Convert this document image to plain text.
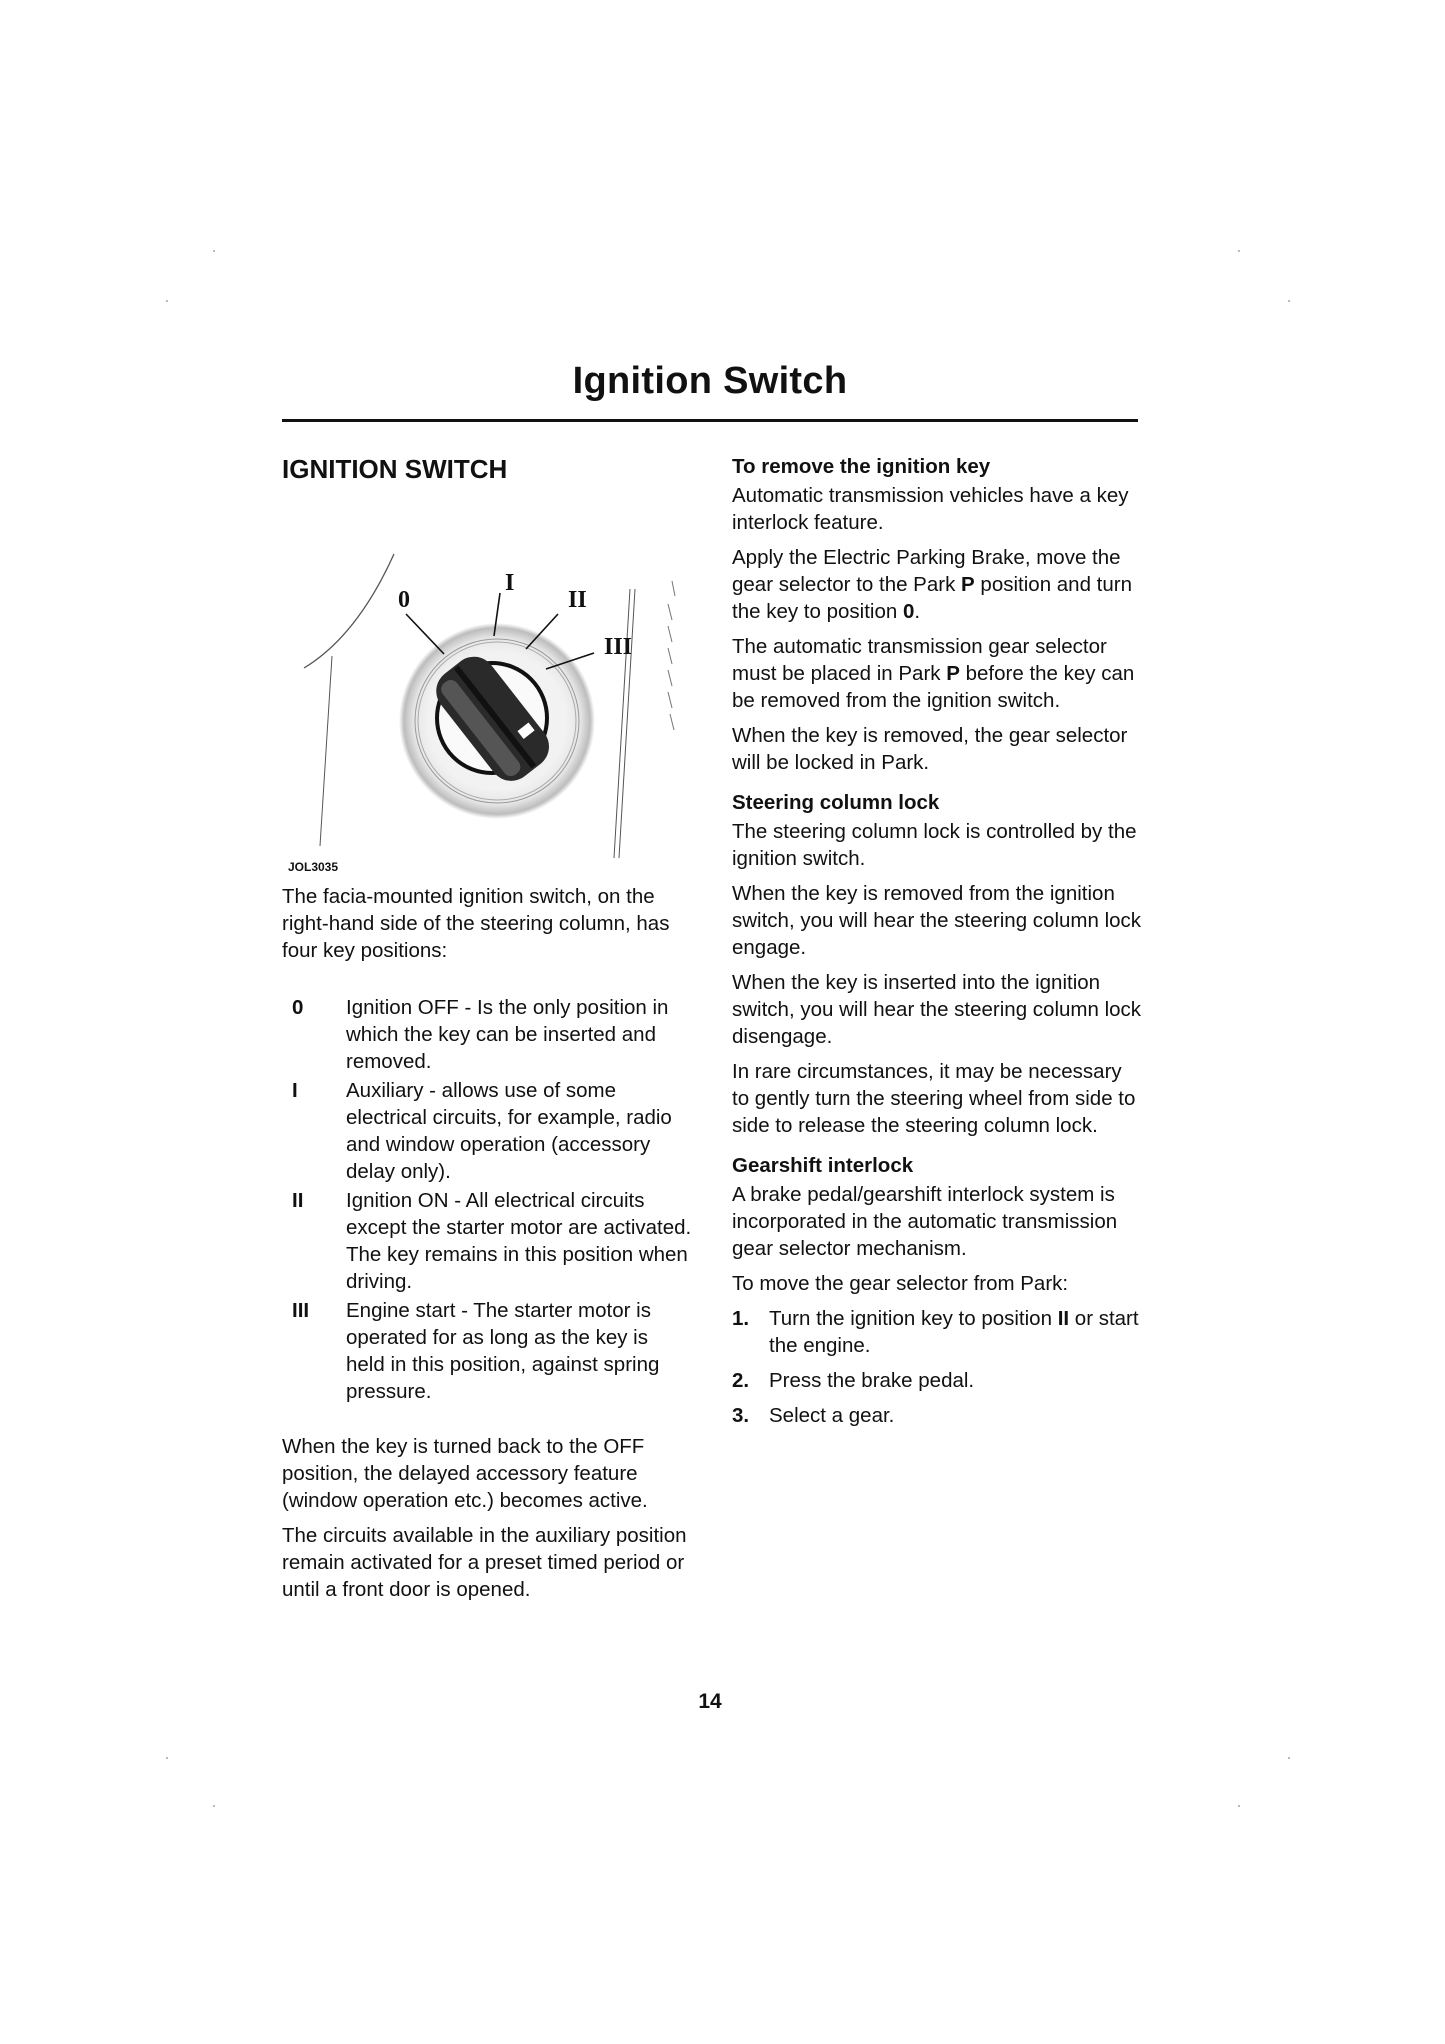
Ignition Switch
IGNITION SWITCH
0
I
II
III
JOL3035

The facia-mounted ignition switch, on the right-hand side of the steering column, has four key positions:

0	Ignition OFF - Is the only position in which the key can be inserted and removed.
I	Auxiliary - allows use of some electrical circuits, for example, radio and window operation (accessory delay only).
II	Ignition ON - All electrical circuits except the starter motor are activated. The key remains in this position when driving.
III	Engine start - The starter motor is operated for as long as the key is held in this position, against spring pressure.

When the key is turned back to the OFF position, the delayed accessory feature (window operation etc.) becomes active.

The circuits available in the auxiliary position remain activated for a preset timed period or until a front door is opened.

To remove the ignition key

Automatic transmission vehicles have a key interlock feature.

Apply the Electric Parking Brake, move the gear selector to the Park P position and turn the key to position 0.

The automatic transmission gear selector must be placed in Park P before the key can be removed from the ignition switch.

When the key is removed, the gear selector will be locked in Park.

Steering column lock

The steering column lock is controlled by the ignition switch.

When the key is removed from the ignition switch, you will hear the steering column lock engage.

When the key is inserted into the ignition switch, you will hear the steering column lock disengage.

In rare circumstances, it may be necessary to gently turn the steering wheel from side to side to release the steering column lock.

Gearshift interlock

A brake pedal/gearshift interlock system is incorporated in the automatic transmission gear selector mechanism.

To move the gear selector from Park:

1. Turn the ignition key to position II or start the engine.
2. Press the brake pedal.
3. Select a gear.
14
